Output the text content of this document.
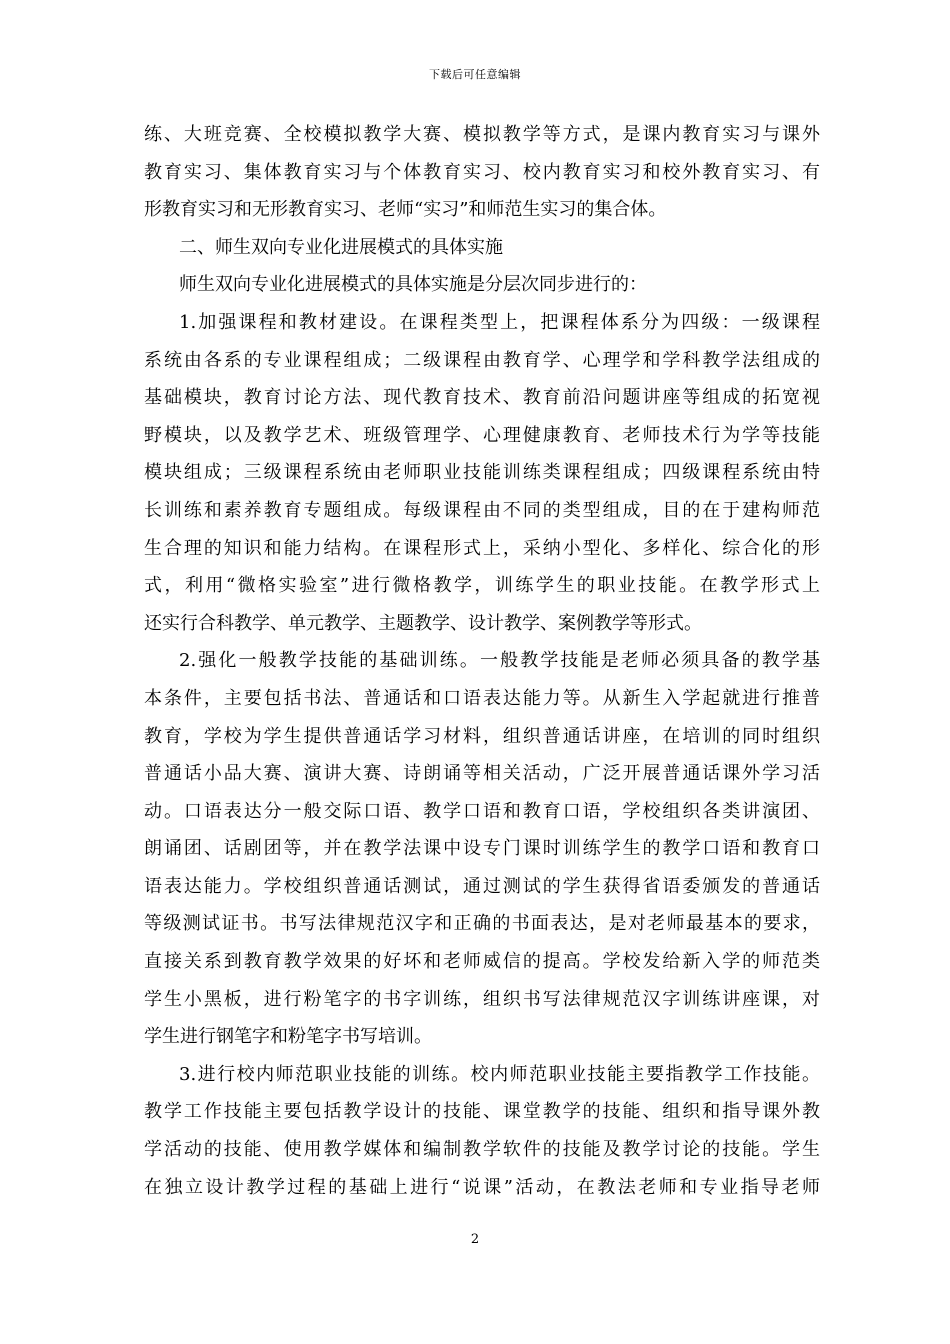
下载后可任意编辑
练、大班竞赛、全校模拟教学大赛、模拟教学等方式，是课内教育实习与课外
教育实习、集体教育实习与个体教育实习、校内教育实习和校外教育实习、有
形教育实习和无形教育实习、老师“实习”和师范生实习的集合体。
二、师生双向专业化进展模式的具体实施
师生双向专业化进展模式的具体实施是分层次同步进行的：
1.加强课程和教材建设。在课程类型上，把课程体系分为四级：一级课程
系统由各系的专业课程组成；二级课程由教育学、心理学和学科教学法组成的
基础模块，教育讨论方法、现代教育技术、教育前沿问题讲座等组成的拓宽视
野模块，以及教学艺术、班级管理学、心理健康教育、老师技术行为学等技能
模块组成；三级课程系统由老师职业技能训练类课程组成；四级课程系统由特
长训练和素养教育专题组成。每级课程由不同的类型组成，目的在于建构师范
生合理的知识和能力结构。在课程形式上，采纳小型化、多样化、综合化的形
式，利用“微格实验室”进行微格教学，训练学生的职业技能。在教学形式上
还实行合科教学、单元教学、主题教学、设计教学、案例教学等形式。
2.强化一般教学技能的基础训练。一般教学技能是老师必须具备的教学基
本条件，主要包括书法、普通话和口语表达能力等。从新生入学起就进行推普
教育，学校为学生提供普通话学习材料，组织普通话讲座，在培训的同时组织
普通话小品大赛、演讲大赛、诗朗诵等相关活动，广泛开展普通话课外学习活
动。口语表达分一般交际口语、教学口语和教育口语，学校组织各类讲演团、
朗诵团、话剧团等，并在教学法课中设专门课时训练学生的教学口语和教育口
语表达能力。学校组织普通话测试，通过测试的学生获得省语委颁发的普通话
等级测试证书。书写法律规范汉字和正确的书面表达，是对老师最基本的要求，
直接关系到教育教学效果的好坏和老师威信的提高。学校发给新入学的师范类
学生小黑板，进行粉笔字的书字训练，组织书写法律规范汉字训练讲座课，对
学生进行钢笔字和粉笔字书写培训。
3.进行校内师范职业技能的训练。校内师范职业技能主要指教学工作技能。
教学工作技能主要包括教学设计的技能、课堂教学的技能、组织和指导课外教
学活动的技能、使用教学媒体和编制教学软件的技能及教学讨论的技能。学生
在独立设计教学过程的基础上进行“说课”活动，在教法老师和专业指导老师
2
